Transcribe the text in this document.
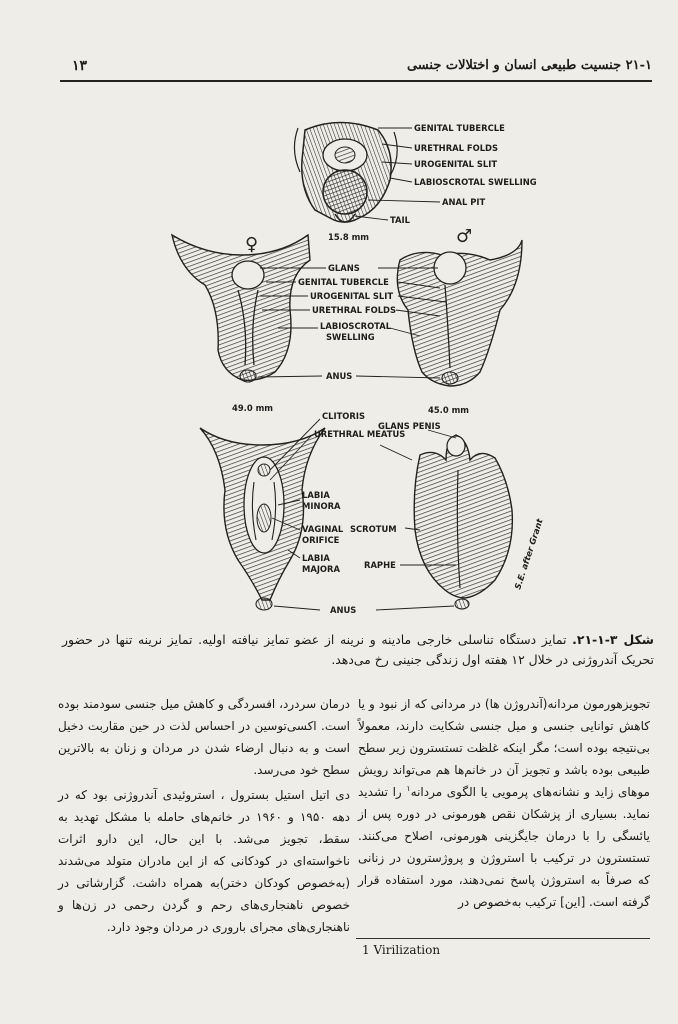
۲۱-۱ جنسیت طبیعی انسان و اختلالات جنسی
۱۳
GENITAL TUBERCLE
URETHRAL FOLDS
UROGENITAL SLIT
LABIOSCROTAL SWELLING
ANAL PIT
TAIL
15.8 mm
♀	♂
GLANS
GENITAL TUBERCLE
UROGENITAL SLIT
URETHRAL FOLDS
LABIOSCROTAL
SWELLING
ANUS
49.0 mm	45.0 mm
CLITORIS
URETHRAL MEATUS
LABIA
MINORA
VAGINAL
ORIFICE
LABIA
MAJORA
GLANS PENIS
SCROTUM
RAPHE
ANUS
S.E. after Grant
شکل ۳-۱-۲۱. تمایز دستگاه تناسلی خارجی مادینه و نرینه از عضو تمایز نیافته اولیه. تمایز نرینه تنها در حضور تحریک آندروژنی در خلال ۱۲ هفته اول زندگی جنینی رخ می‌دهد.

تجویزهورمون مردانه(آندروژن ها) در مردانی که از نبود و یا کاهش توانایی جنسی و میل جنسی شکایت دارند، معمولاً بی‌نتیجه بوده است؛ مگر اینکه غلظت تستسترون زیر سطح طبیعی بوده باشد و تجویز آن در خانم‌ها هم می‌تواند رویش موهای زاید و نشانه‌های پرمویی یا الگوی مردانه$^۱$ را تشدید نماید. بسیاری از پزشکان نقص هورمونی در دوره پس از یائسگی را با درمان جایگزینی هورمونی، اصلاح می‌کنند. تستسترون در ترکیب با استروژن و پروژسترون در زنانی که صرفاً به استروژن پاسخ نمی‌دهند، مورد استفاده قرار گرفته است. [این] ترکیب به‌خصوص در

درمان سردرد، افسردگی و کاهش میل جنسی سودمند بوده است. اکسی‌توسین در احساس لذت در حین مقاربت دخیل است و به دنبال ارضاء شدن در مردان و زنان به بالاترین سطح خود می‌رسد.

دی اتیل استیل بسترول ، استروئیدی آندروژنی بود که در دهه ۱۹۵۰ و ۱۹۶۰ در خانم‌های حامله با مشکل تهدید به سقط، تجویز می‌شد. با این حال، این دارو اثرات ناخواسته‌ای در کودکانی که از این مادران متولد می‌شدند (به‌خصوص کودکان دختر)به همراه داشت. گزارشاتی در خصوص ناهنجاری‌های رحم و گردن رحمی در زن‌ها و ناهنجاری‌های مجرای باروری در مردان وجود دارد.

1 Virilization
